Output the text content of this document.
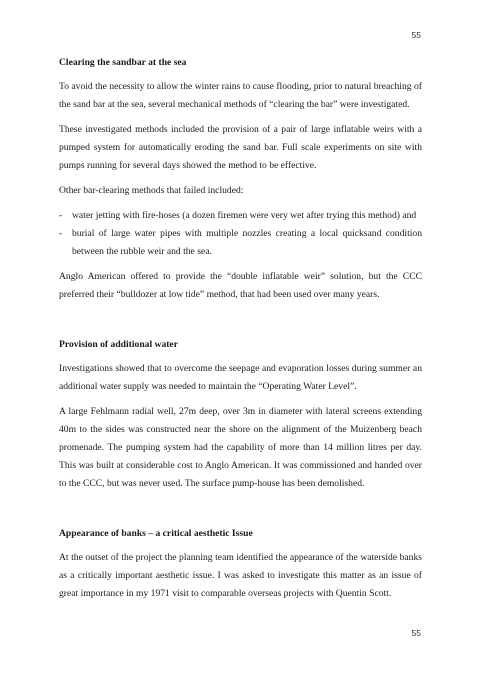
55
Clearing the sandbar at the sea

To avoid the necessity to allow the winter rains to cause flooding, prior to natural breaching of the sand bar at the sea, several mechanical methods of “clearing the bar” were investigated.

These investigated methods included the provision of a pair of large inflatable weirs with a pumped system for automatically eroding the sand bar. Full scale experiments on site with pumps running for several days showed the method to be effective.

Other bar-clearing methods that failed included:

- water jetting with fire-hoses (a dozen firemen were very wet after trying this method) and
- burial of large water pipes with multiple nozzles creating a local quicksand condition between the rubble weir and the sea.

Anglo American offered to provide the “double inflatable weir” solution, but the CCC preferred their “bulldozer at low tide” method, that had been used over many years.

Provision of additional water

Investigations showed that to overcome the seepage and evaporation losses during summer an additional water supply was needed to maintain the “Operating Water Level”.

A large Fehlmann radial well, 27m deep, over 3m in diameter with lateral screens extending 40m to the sides was constructed near the shore on the alignment of the Muizenberg beach promenade. The pumping system had the capability of more than 14 million litres per day. This was built at considerable cost to Anglo American. It was commissioned and handed over to the CCC, but was never used. The surface pump-house has been demolished.

Appearance of banks – a critical aesthetic Issue

At the outset of the project the planning team identified the appearance of the waterside banks as a critically important aesthetic issue. I was asked to investigate this matter as an issue of great importance in my 1971 visit to comparable overseas projects with Quentin Scott.

55
